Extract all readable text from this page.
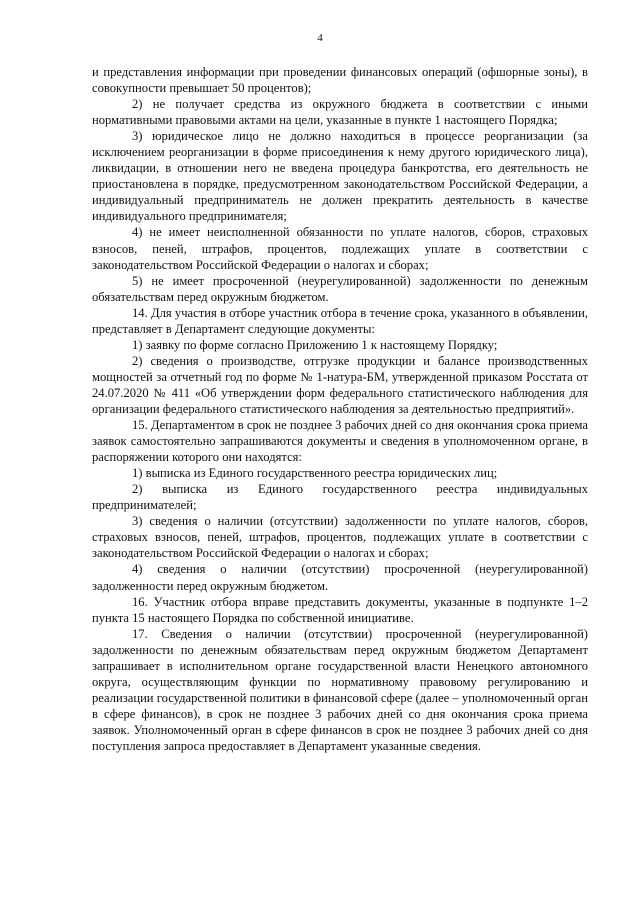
4

и представления информации при проведении финансовых операций (офшорные зоны), в совокупности превышает 50 процентов);

2) не получает средства из окружного бюджета в соответствии с иными нормативными правовыми актами на цели, указанные в пункте 1 настоящего Порядка;

3) юридическое лицо не должно находиться в процессе реорганизации (за исключением реорганизации в форме присоединения к нему другого юридического лица), ликвидации, в отношении него не введена процедура банкротства, его деятельность не приостановлена в порядке, предусмотренном законодательством Российской Федерации, а индивидуальный предприниматель не должен прекратить деятельность в качестве индивидуального предпринимателя;

4) не имеет неисполненной обязанности по уплате налогов, сборов, страховых взносов, пеней, штрафов, процентов, подлежащих уплате в соответствии с законодательством Российской Федерации о налогах и сборах;

5) не имеет просроченной (неурегулированной) задолженности по денежным обязательствам перед окружным бюджетом.

14. Для участия в отборе участник отбора в течение срока, указанного в объявлении, представляет в Департамент следующие документы:

1) заявку по форме согласно Приложению 1 к настоящему Порядку;

2) сведения о производстве, отгрузке продукции и балансе производственных мощностей за отчетный год по форме № 1-натура-БМ, утвержденной приказом Росстата от 24.07.2020 № 411 «Об утверждении форм федерального статистического наблюдения для организации федерального статистического наблюдения за деятельностью предприятий».

15. Департаментом в срок не позднее 3 рабочих дней со дня окончания срока приема заявок самостоятельно запрашиваются документы и сведения в уполномоченном органе, в распоряжении которого они находятся:

1) выписка из Единого государственного реестра юридических лиц;

2) выписка из Единого государственного реестра индивидуальных предпринимателей;

3) сведения о наличии (отсутствии) задолженности по уплате налогов, сборов, страховых взносов, пеней, штрафов, процентов, подлежащих уплате в соответствии с законодательством Российской Федерации о налогах и сборах;

4) сведения о наличии (отсутствии) просроченной (неурегулированной) задолженности перед окружным бюджетом.

16. Участник отбора вправе представить документы, указанные в подпункте 1–2 пункта 15 настоящего Порядка по собственной инициативе.

17. Сведения о наличии (отсутствии) просроченной (неурегулированной) задолженности по денежным обязательствам перед окружным бюджетом Департамент запрашивает в исполнительном органе государственной власти Ненецкого автономного округа, осуществляющим функции по нормативному правовому регулированию и реализации государственной политики в финансовой сфере (далее – уполномоченный орган в сфере финансов), в срок не позднее 3 рабочих дней со дня окончания срока приема заявок. Уполномоченный орган в сфере финансов в срок не позднее 3 рабочих дней со дня поступления запроса предоставляет в Департамент указанные сведения.
